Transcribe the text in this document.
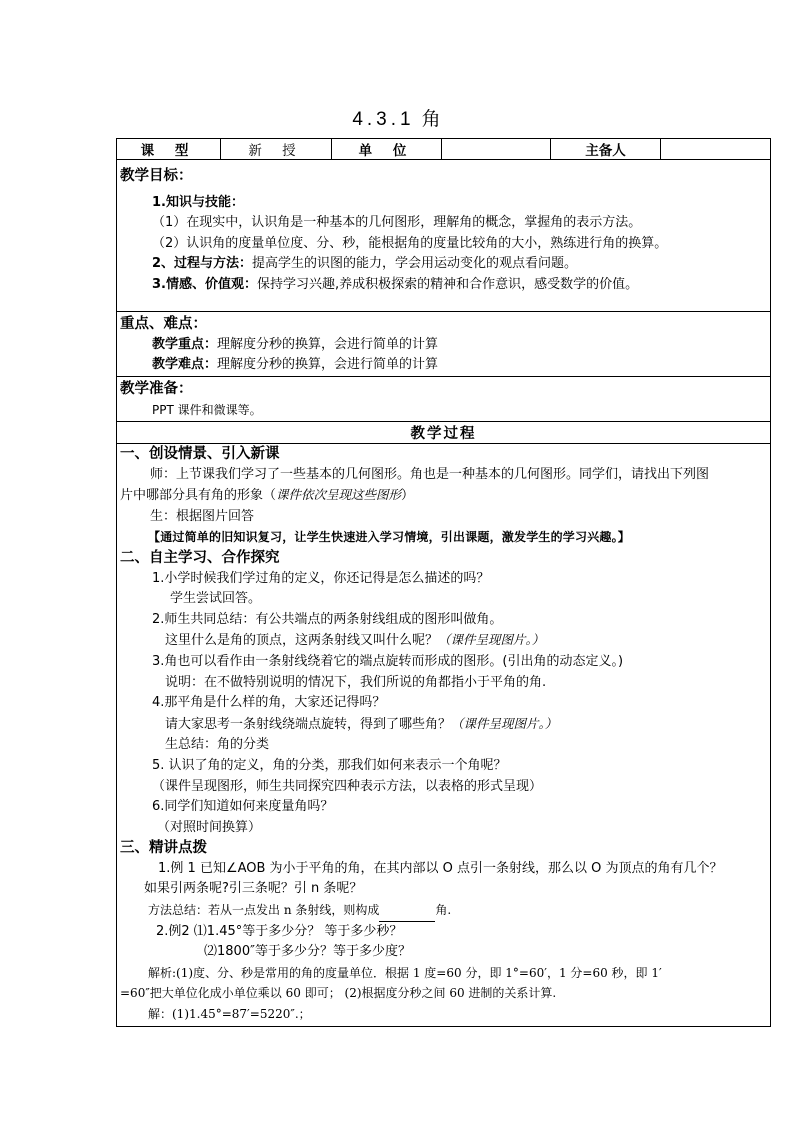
4.3.1 角
课 型	新 授	单 位		主备人	

教学目标：

1.知识与技能：

（1）在现实中，认识角是一种基本的几何图形，理解角的概念，掌握角的表示方法。

（2）认识角的度量单位度、分、秒，能根据角的度量比较角的大小，熟练进行角的换算。

2、过程与方法：提高学生的识图的能力，学会用运动变化的观点看问题。

3.情感、价值观：保持学习兴趣,养成积极探索的精神和合作意识，感受数学的价值。

重点、难点：

教学重点：理解度分秒的换算，会进行简单的计算

教学难点：理解度分秒的换算，会进行简单的计算

教学准备：

PPT 课件和微课等。

教学过程

一、创设情景、引入新课

师：上节课我们学习了一些基本的几何图形。角也是一种基本的几何图形。同学们，请找出下列图

片中哪部分具有角的形象（课件依次呈现这些图形）

生：根据图片回答

【通过简单的旧知识复习，让学生快速进入学习情境，引出课题，激发学生的学习兴趣。】

二、自主学习、合作探究

1.小学时候我们学过角的定义，你还记得是怎么描述的吗？

学生尝试回答。

2.师生共同总结：有公共端点的两条射线组成的图形叫做角。

这里什么是角的顶点，这两条射线又叫什么呢？（课件呈现图片。）

3.角也可以看作由一条射线绕着它的端点旋转而形成的图形。(引出角的动态定义。)

说明：在不做特别说明的情况下，我们所说的角都指小于平角的角.

4.那平角是什么样的角，大家还记得吗？

请大家思考一条射线绕端点旋转，得到了哪些角？（课件呈现图片。）

生总结：角的分类

5. 认识了角的定义，角的分类，那我们如何来表示一个角呢？

（课件呈现图形，师生共同探究四种表示方法，以表格的形式呈现）

6.同学们知道如何来度量角吗？

（对照时间换算）

三、精讲点拨

1.例 1 已知∠AOB 为小于平角的角，在其内部以 O 点引一条射线，那么以 O 为顶点的角有几个？

如果引两条呢?引三条呢？引 n 条呢？

方法总结：若从一点发出 n 条射线，则构成	角.

2.例2 ⑴1.45°等于多少分？ 等于多少秒？

⑵1800″等于多少分？等于多少度？

解析:(1)度、分、秒是常用的角的度量单位．根据 1 度=60 分，即 1°=60′，1 分=60 秒，即 1′

=60″把大单位化成小单位乘以 60 即可； (2)根据度分秒之间 60 进制的关系计算.

解：(1)1.45°=87′=5220″.；
